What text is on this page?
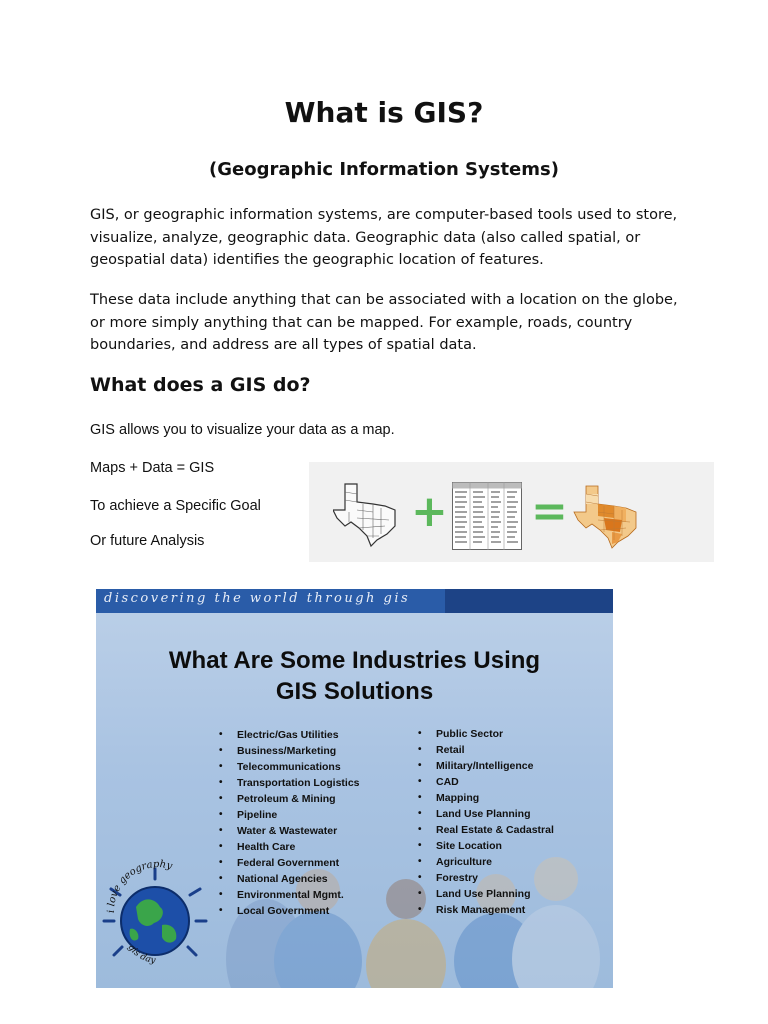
What is GIS?
(Geographic Information Systems)

GIS, or geographic information systems, are computer-based tools used to store, visualize, analyze, geographic data. Geographic data (also called spatial, or geospatial data) identifies the geographic location of features.

These data include anything that can be associated with a location on the globe, or more simply anything that can be mapped. For example, roads, country boundaries, and address are all types of spatial data.

What does a GIS do?

GIS allows you to visualize your data as a map.

Maps + Data = GIS

To achieve a Specific Goal

Or future Analysis

+ =
discovering the world through gis
What Are Some Industries Using
GIS Solutions
• Electric/Gas Utilities
• Business/Marketing
• Telecommunications
• Transportation Logistics
• Petroleum & Mining
• Pipeline
• Water & Wastewater
• Health Care
• Federal Government
• National Agencies
• Environmental Mgmt.
• Local Government
• Public Sector
• Retail
• Military/Intelligence
• CAD
• Mapping
• Land Use Planning
• Real Estate & Cadastral
• Site Location
• Agriculture
• Forestry
• Land Use Planning
• Risk Management
i love geography
gis day
